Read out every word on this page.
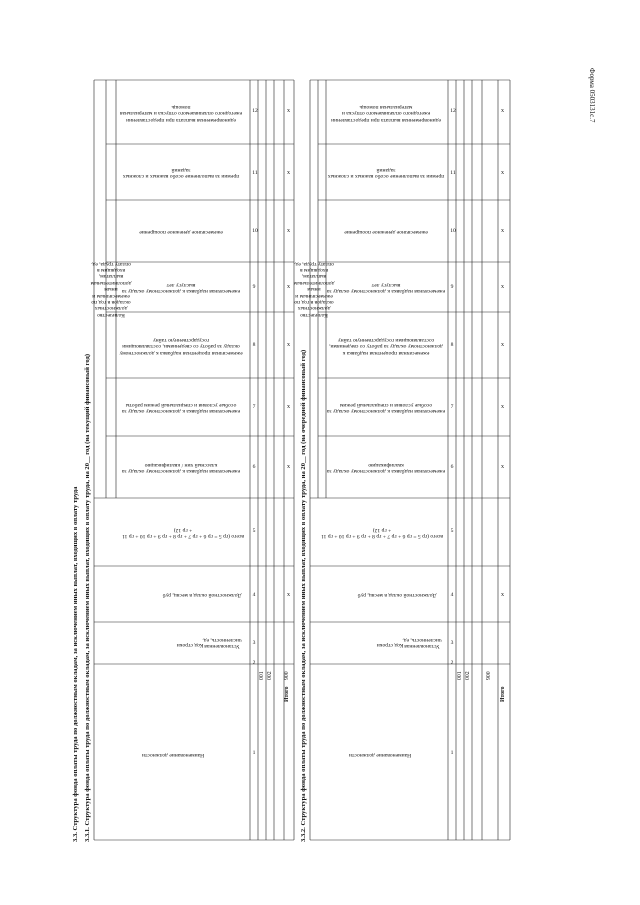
Форма 0503131с.7
3.3. Структура фонда оплаты труда по должностным окладам, за исключением иных выплат, входящих в оплату труда 3.3.1. Структура фонда оплаты труда по должностным окладам, за исключением иных выплат, входящих в оплату труда, на 20__ год (на текущий финансовый год)	3.3.2. Структура фонда оплаты труда по должностным окладам, за исключением иных выплат, входящих в оплату труда, на 20__ год (на очередной финансовый год)
Наименование должности
Код строки Установленная численность, ед.
Должностной оклад в месяц, руб
всего (гр 5 = гр 6 + гр 7 + гр 8 + гр 9 + гр 10 + гр 11 + гр 12)
Количество должностных окладов в год по ежемесячным и иным дополнительным выплатам, входящим в оплату труда, ед.
ежемесячная надбавка к должностному окладу за классный чин / квалификацию
ежемесячная надбавка к должностному окладу за особые условия и специальный режим работы
ежемесячная процентная надбавка к должностному окладу за работу со сведениями, составляющими государственную тайну
ежемесячная надбавка к должностному окладу за выслугу лет
ежемесячное денежное поощрение
премии за выполнение особо важных и сложных заданий
единовременная выплата при предоставлении ежегодного оплачиваемого отпуска и материальная помощь
1
2
3
4
5
6
7
8
9
10
11
12
001 002 900
Итого
x
x
x
x
x
x
x
x
Наименование должности
Код строки Установленная численность, ед.
Должностной оклад в месяц, руб
всего (гр 5 = гр 6 + гр 7 + гр 8 + гр 9 + гр 10 + гр 11 + гр 12)
Количество должностных окладов в год по ежемесячным и иным дополнительным выплатам, входящим в оплату труда, ед.
ежемесячная надбавка к должностному окладу за квалификацию
ежемесячная надбавка к должностному окладу за особые условия и специальный режим
ежемесячная процентная надбавка к должностному окладу за работу со сведениями, составляющими государственную тайну
ежемесячная надбавка к должностному окладу за выслугу лет
ежемесячное денежное поощрение
премии за выполнение особо важных и сложных заданий
единовременная выплата при предоставлении ежегодного оплачиваемого отпуска и материальная помощь
1
2
3
4
5
6
7
8
9
10
11
12
001 002	900
Итого
x
x
x
x
x
x
x
x
